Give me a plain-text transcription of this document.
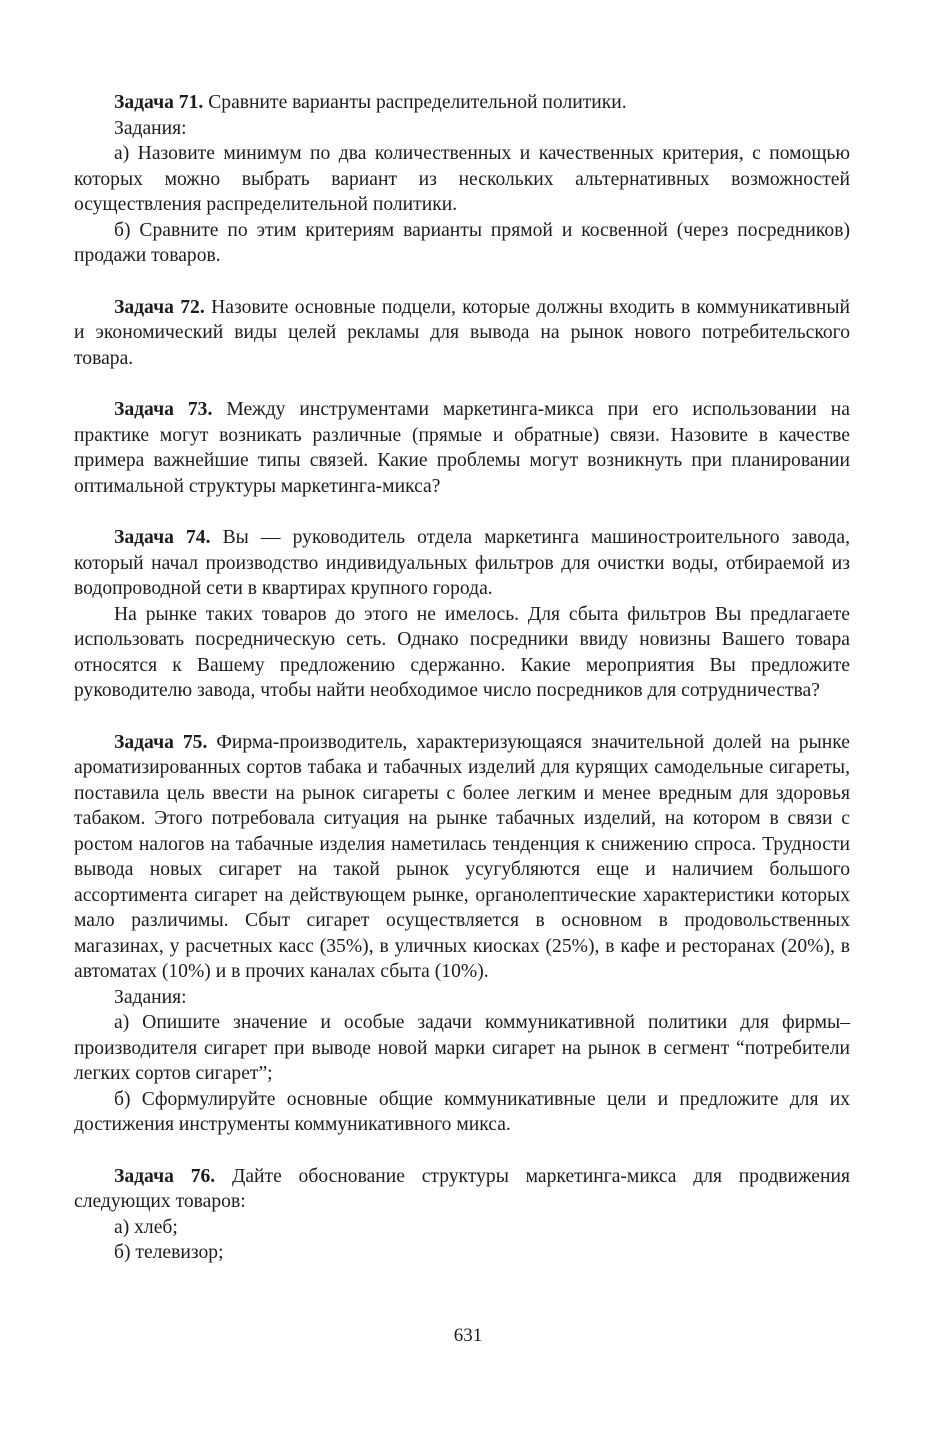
Задача 71. Сравните варианты распределительной политики.

Задания:

а) Назовите минимум по два количественных и качественных критерия, с помощью которых можно выбрать вариант из нескольких альтернативных возможностей осуществления распределительной политики.

б) Сравните по этим критериям варианты прямой и косвенной (через посредников) продажи товаров.

Задача 72. Назовите основные подцели, которые должны входить в коммуникативный и экономический виды целей рекламы для вывода на рынок нового потребительского товара.

Задача 73. Между инструментами маркетинга-микса при его использовании на практике могут возникать различные (прямые и обратные) связи. Назовите в качестве примера важнейшие типы связей. Какие проблемы могут возникнуть при планировании оптимальной структуры маркетинга-микса?

Задача 74. Вы — руководитель отдела маркетинга машиностроительного завода, который начал производство индивидуальных фильтров для очистки воды, отбираемой из водопроводной сети в квартирах крупного города.

На рынке таких товаров до этого не имелось. Для сбыта фильтров Вы предлагаете использовать посредническую сеть. Однако посредники ввиду новизны Вашего товара относятся к Вашему предложению сдержанно. Какие мероприятия Вы предложите руководителю завода, чтобы найти необходимое число посредников для сотрудничества?

Задача 75. Фирма-производитель, характеризующаяся значительной долей на рынке ароматизированных сортов табака и табачных изделий для курящих самодельные сигареты, поставила цель ввести на рынок сигареты с более легким и менее вредным для здоровья табаком. Этого потребовала ситуация на рынке табачных изделий, на котором в связи с ростом налогов на табачные изделия наметилась тенденция к снижению спроса. Трудности вывода новых сигарет на такой рынок усугубляются еще и наличием большого ассортимента сигарет на действующем рынке, органолептические характеристики которых мало различимы. Сбыт сигарет осуществляется в основном в продовольственных магазинах, у расчетных касс (35%), в уличных киосках (25%), в кафе и ресторанах (20%), в автоматах (10%) и в прочих каналах сбыта (10%).

Задания:

а) Опишите значение и особые задачи коммуникативной политики для фирмы–производителя сигарет при выводе новой марки сигарет на рынок в сегмент “потребители легких сортов сигарет”;

б) Сформулируйте основные общие коммуникативные цели и предложите для их достижения инструменты коммуникативного микса.

Задача 76. Дайте обоснование структуры маркетинга-микса для продвижения следующих товаров:

а) хлеб;

б) телевизор;

631
